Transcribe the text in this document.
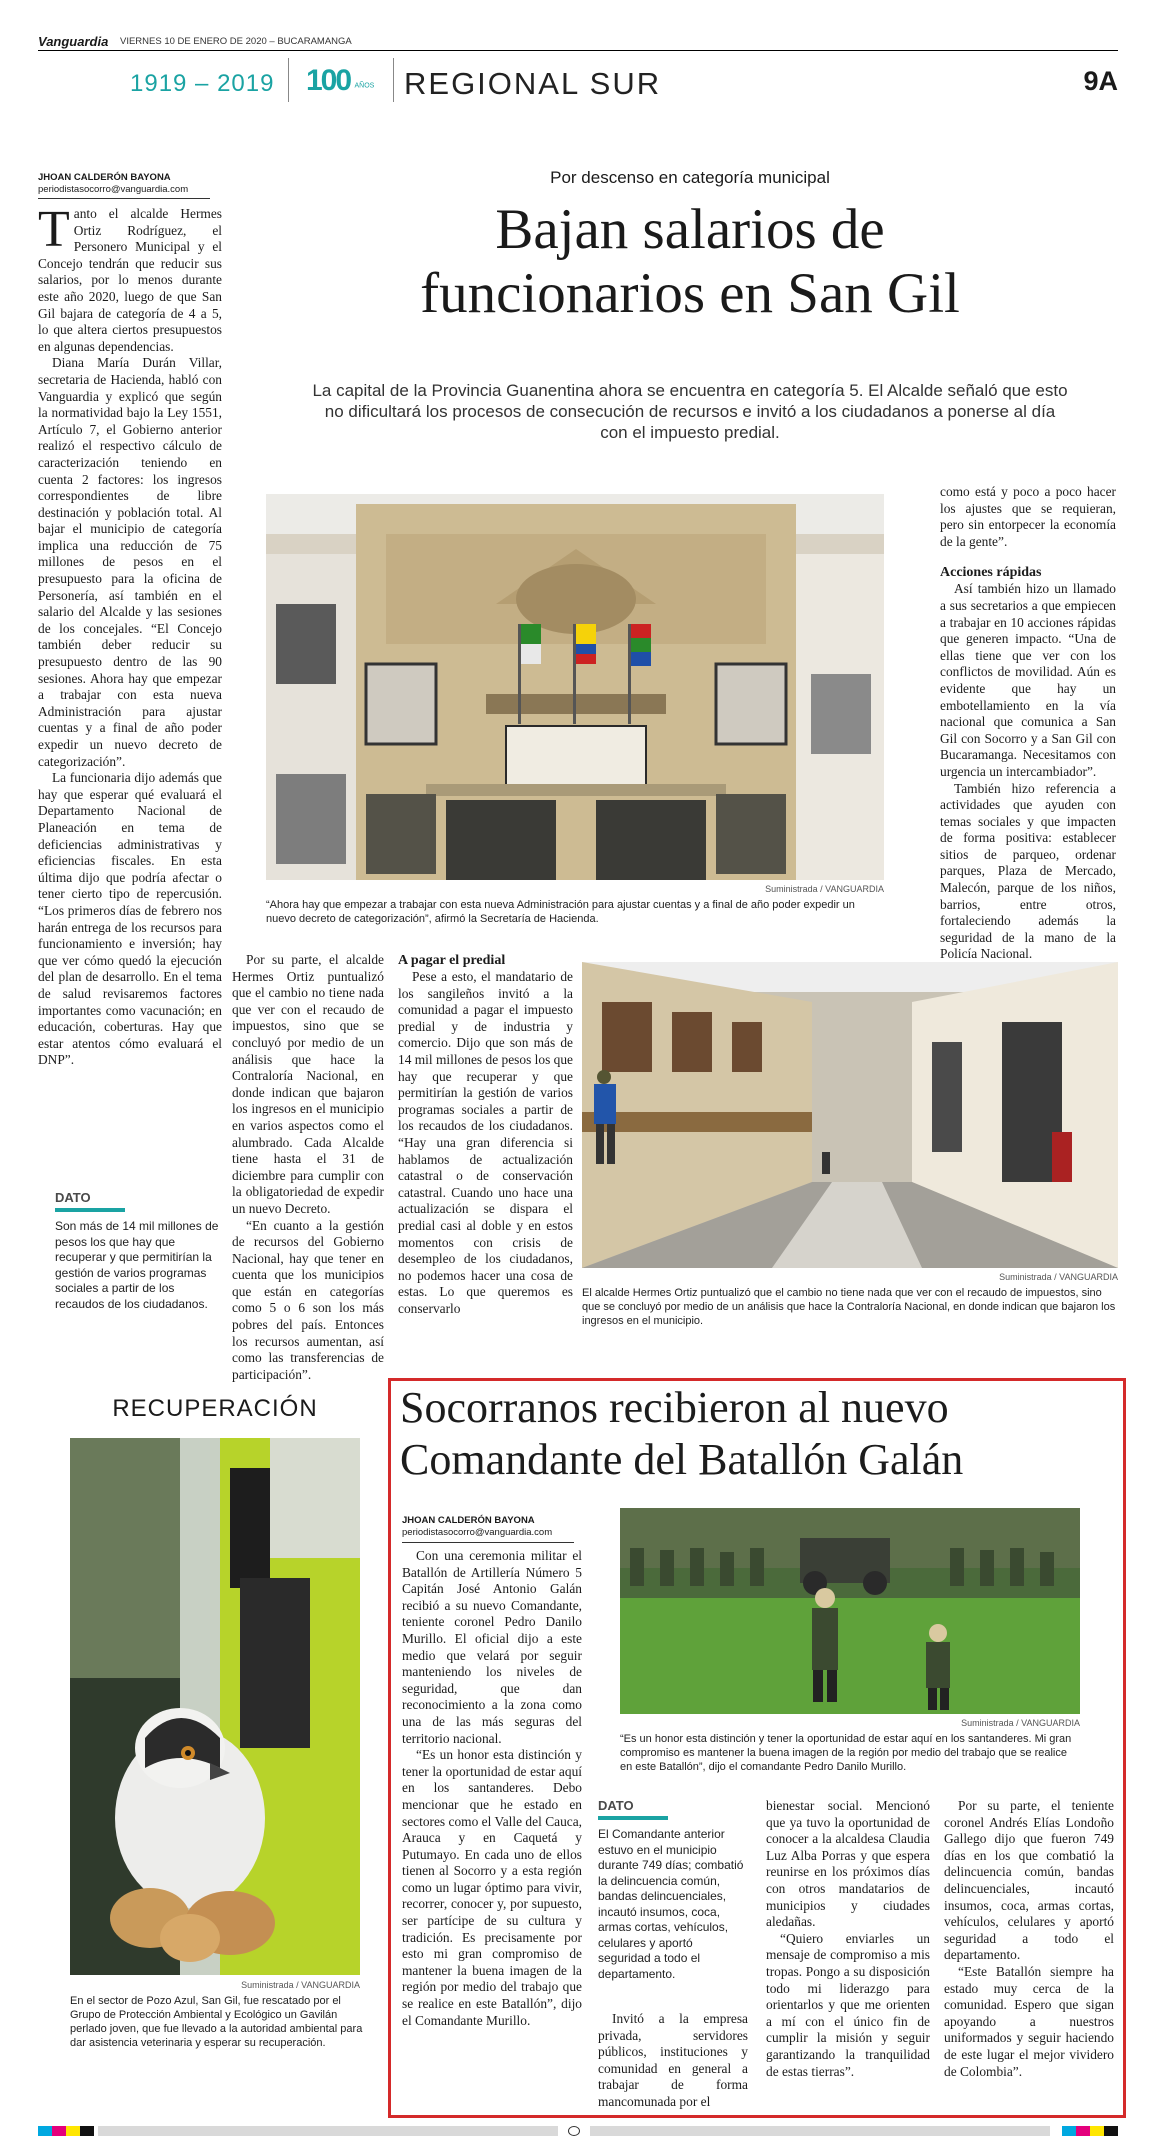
Vanguardia VIERNES 10 DE ENERO DE 2020 – BUCARAMANGA
1919 – 2019 100 AÑOS REGIONAL SUR	9A
JHOAN CALDERÓN BAYONA
periodistasocorro@vanguardia.com
Por descenso en categoría municipal
Bajan salarios de
funcionarios en San Gil
La capital de la Provincia Guanentina ahora se encuentra en categoría 5. El Alcalde señaló que esto no dificultará los procesos de consecución de recursos e invitó a los ciudadanos a ponerse al día con el impuesto predial.

Tanto el alcalde Hermes Ortiz Rodríguez, el Personero Municipal y el Concejo tendrán que reducir sus salarios, por lo menos durante este año 2020, luego de que San Gil bajara de categoría de 4 a 5, lo que altera ciertos presupuestos en algunas dependencias.

Diana María Durán Villar, secretaria de Hacienda, habló con Vanguardia y explicó que según la normatividad bajo la Ley 1551, Artículo 7, el Gobierno anterior realizó el respectivo cálculo de caracterización teniendo en cuenta 2 factores: los ingresos correspondientes de libre destinación y población total. Al bajar el municipio de categoría implica una reducción de 75 millones de pesos en el presupuesto para la oficina de Personería, así también en el salario del Alcalde y las sesiones de los concejales. “El Concejo también deber reducir su presupuesto dentro de las 90 sesiones. Ahora hay que empezar a trabajar con esta nueva Administración para ajustar cuentas y a final de año poder expedir un nuevo decreto de categorización”.

La funcionaria dijo además que hay que esperar qué evaluará el Departamento Nacional de Planeación en tema de deficiencias administrativas y eficiencias fiscales. En esta última dijo que podría afectar o tener cierto tipo de repercusión. “Los primeros días de febrero nos harán entrega de los recursos para funcionamiento e inversión; hay que ver cómo quedó la ejecución del plan de desarrollo. En el tema de salud revisaremos factores importantes como vacunación; en educación, coberturas. Hay que estar atentos cómo evaluará el DNP”.

DATO
Son más de 14 mil millones de pesos los que hay que recuperar y que permitirían la gestión de varios programas sociales a partir de los recaudos de los ciudadanos.
Suministrada / VANGUARDIA
“Ahora hay que empezar a trabajar con esta nueva Administración para ajustar cuentas y a final de año poder expedir un nuevo decreto de categorización”, afirmó la Secretaría de Hacienda.

Por su parte, el alcalde Hermes Ortiz puntualizó que el cambio no tiene nada que ver con el recaudo de impuestos, sino que se concluyó por medio de un análisis que hace la Contraloría Nacional, en donde indican que bajaron los ingresos en el municipio en varios aspectos como el alumbrado. Cada Alcalde tiene hasta el 31 de diciembre para cumplir con la obligatoriedad de expedir un nuevo Decreto.

“En cuanto a la gestión de recursos del Gobierno Nacional, hay que tener en cuenta que los municipios que están en categorías como 5 o 6 son los más pobres del país. Entonces los recursos aumentan, así como las transferencias de participación”.

A pagar el predial

Pese a esto, el mandatario de los sangileños invitó a la comunidad a pagar el impuesto predial y de industria y comercio. Dijo que son más de 14 mil millones de pesos los que hay que recuperar y que permitirían la gestión de varios programas sociales a partir de los recaudos de los ciudadanos. “Hay una gran diferencia si hablamos de actualización catastral o de conservación catastral. Cuando uno hace una actualización se dispara el predial casi al doble y en estos momentos con crisis de desempleo de los ciudadanos, no podemos hacer una cosa de estas. Lo que queremos es conservarlo

como está y poco a poco hacer los ajustes que se requieran, pero sin entorpecer la economía de la gente”.

Acciones rápidas

Así también hizo un llamado a sus secretarios a que empiecen a trabajar en 10 acciones rápidas que generen impacto. “Una de ellas tiene que ver con los conflictos de movilidad. Aún es evidente que hay un embotellamiento en la vía nacional que comunica a San Gil con Socorro y a San Gil con Bucaramanga. Necesitamos con urgencia un intercambiador”.

También hizo referencia a actividades que ayuden con temas sociales y que impacten de forma positiva: establecer sitios de parqueo, ordenar parques, Plaza de Mercado, Malecón, parque de los niños, barrios, entre otros, fortaleciendo además la seguridad de la mano de la Policía Nacional.

Suministrada / VANGUARDIA
El alcalde Hermes Ortiz puntualizó que el cambio no tiene nada que ver con el recaudo de impuestos, sino que se concluyó por medio de un análisis que hace la Contraloría Nacional, en donde indican que bajaron los ingresos en el municipio.
RECUPERACIÓN
Suministrada / VANGUARDIA
En el sector de Pozo Azul, San Gil, fue rescatado por el Grupo de Protección Ambiental y Ecológico un Gavilán perlado joven, que fue llevado a la autoridad ambiental para dar asistencia veterinaria y esperar su recuperación.
Socorranos recibieron al nuevo
Comandante del Batallón Galán
JHOAN CALDERÓN BAYONA
periodistasocorro@vanguardia.com

Con una ceremonia militar el Batallón de Artillería Número 5 Capitán José Antonio Galán recibió a su nuevo Comandante, teniente coronel Pedro Danilo Murillo. El oficial dijo a este medio que velará por seguir manteniendo los niveles de seguridad, que dan reconocimiento a la zona como una de las más seguras del territorio nacional.

“Es un honor esta distinción y tener la oportunidad de estar aquí en los santanderes. Debo mencionar que he estado en sectores como el Valle del Cauca, Arauca y en Caquetá y Putumayo. En cada uno de ellos tienen al Socorro y a esta región como un lugar óptimo para vivir, recorrer, conocer y, por supuesto, ser partícipe de su cultura y tradición. Es precisamente por esto mi gran compromiso de mantener la buena imagen de la región por medio del trabajo que se realice en este Batallón”, dijo el Comandante Murillo.

Suministrada / VANGUARDIA
“Es un honor esta distinción y tener la oportunidad de estar aquí en los santanderes. Mi gran compromiso es mantener la buena imagen de la región por medio del trabajo que se realice en este Batallón”, dijo el comandante Pedro Danilo Murillo.
DATO
El Comandante anterior estuvo en el municipio durante 749 días; combatió la delincuencia común, bandas delincuenciales, incautó insumos, coca, armas cortas, vehículos, celulares y aportó seguridad a todo el departamento.

Invitó a la empresa privada, servidores públicos, instituciones y comunidad en general a trabajar de forma mancomunada por el

bienestar social. Mencionó que ya tuvo la oportunidad de conocer a la alcaldesa Claudia Luz Alba Porras y que espera reunirse en los próximos días con otros mandatarios de municipios y ciudades aledañas.

“Quiero enviarles un mensaje de compromiso a mis tropas. Pongo a su disposición todo mi liderazgo para orientarlos y que me orienten a mí con el único fin de cumplir la misión y seguir garantizando la tranquilidad de estas tierras”.

Por su parte, el teniente coronel Andrés Elías Londoño Gallego dijo que fueron 749 días en los que combatió la delincuencia común, bandas delincuenciales, incautó insumos, coca, armas cortas, vehículos, celulares y aportó seguridad a todo el departamento.

“Este Batallón siempre ha estado muy cerca de la comunidad. Espero que sigan apoyando a nuestros uniformados y seguir haciendo de este lugar el mejor vividero de Colombia”.
